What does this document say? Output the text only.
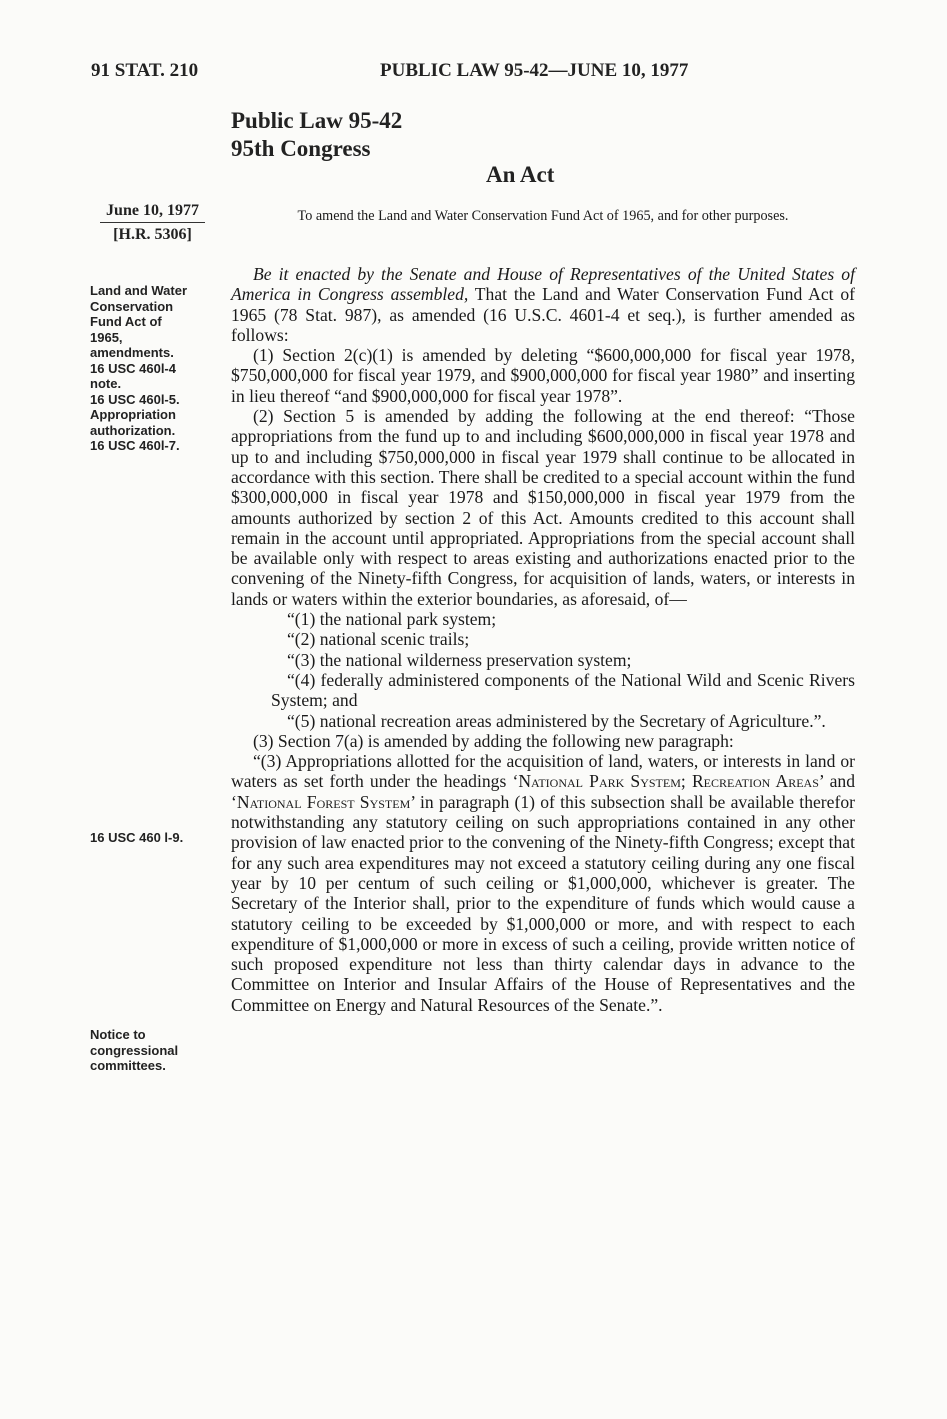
91 STAT. 210	PUBLIC LAW 95-42—JUNE 10, 1977
Public Law 95-42
95th Congress
An Act
June 10, 1977
[H.R. 5306]
To amend the Land and Water Conservation Fund Act of 1965, and for other purposes.
Land and Water
Conservation
Fund Act of
1965,
amendments.
16 USC 460l-4
note.
16 USC 460l-5.
Appropriation
authorization.
16 USC 460l-7.
16 USC 460 l-9.
Notice to
congressional
committees.

Be it enacted by the Senate and House of Representatives of the United States of America in Congress assembled, That the Land and Water Conservation Fund Act of 1965 (78 Stat. 987), as amended (16 U.S.C. 4601-4 et seq.), is further amended as follows:

(1) Section 2(c)(1) is amended by deleting “$600,000,000 for fiscal year 1978, $750,000,000 for fiscal year 1979, and $900,000,000 for fiscal year 1980” and inserting in lieu thereof “and $900,000,000 for fiscal year 1978”.

(2) Section 5 is amended by adding the following at the end thereof: “Those appropriations from the fund up to and including $600,000,000 in fiscal year 1978 and up to and including $750,000,000 in fiscal year 1979 shall continue to be allocated in accordance with this section. There shall be credited to a special account within the fund $300,000,000 in fiscal year 1978 and $150,000,000 in fiscal year 1979 from the amounts authorized by section 2 of this Act. Amounts credited to this account shall remain in the account until appropriated. Appropriations from the special account shall be available only with respect to areas existing and authorizations enacted prior to the convening of the Ninety-fifth Congress, for acquisition of lands, waters, or interests in lands or waters within the exterior boundaries, as aforesaid, of—

“(1) the national park system;

“(2) national scenic trails;

“(3) the national wilderness preservation system;

“(4) federally administered components of the National Wild and Scenic Rivers System; and

“(5) national recreation areas administered by the Secretary of Agriculture.”.

(3) Section 7(a) is amended by adding the following new paragraph:

“(3) Appropriations allotted for the acquisition of land, waters, or interests in land or waters as set forth under the headings ‘National Park System; Recreation Areas’ and ‘National Forest System’ in paragraph (1) of this subsection shall be available therefor notwithstanding any statutory ceiling on such appropriations contained in any other provision of law enacted prior to the convening of the Ninety-fifth Congress; except that for any such area expenditures may not exceed a statutory ceiling during any one fiscal year by 10 per centum of such ceiling or $1,000,000, whichever is greater. The Secretary of the Interior shall, prior to the expenditure of funds which would cause a statutory ceiling to be exceeded by $1,000,000 or more, and with respect to each expenditure of $1,000,000 or more in excess of such a ceiling, provide written notice of such proposed expenditure not less than thirty calendar days in advance to the Committee on Interior and Insular Affairs of the House of Representatives and the Committee on Energy and Natural Resources of the Senate.”.
